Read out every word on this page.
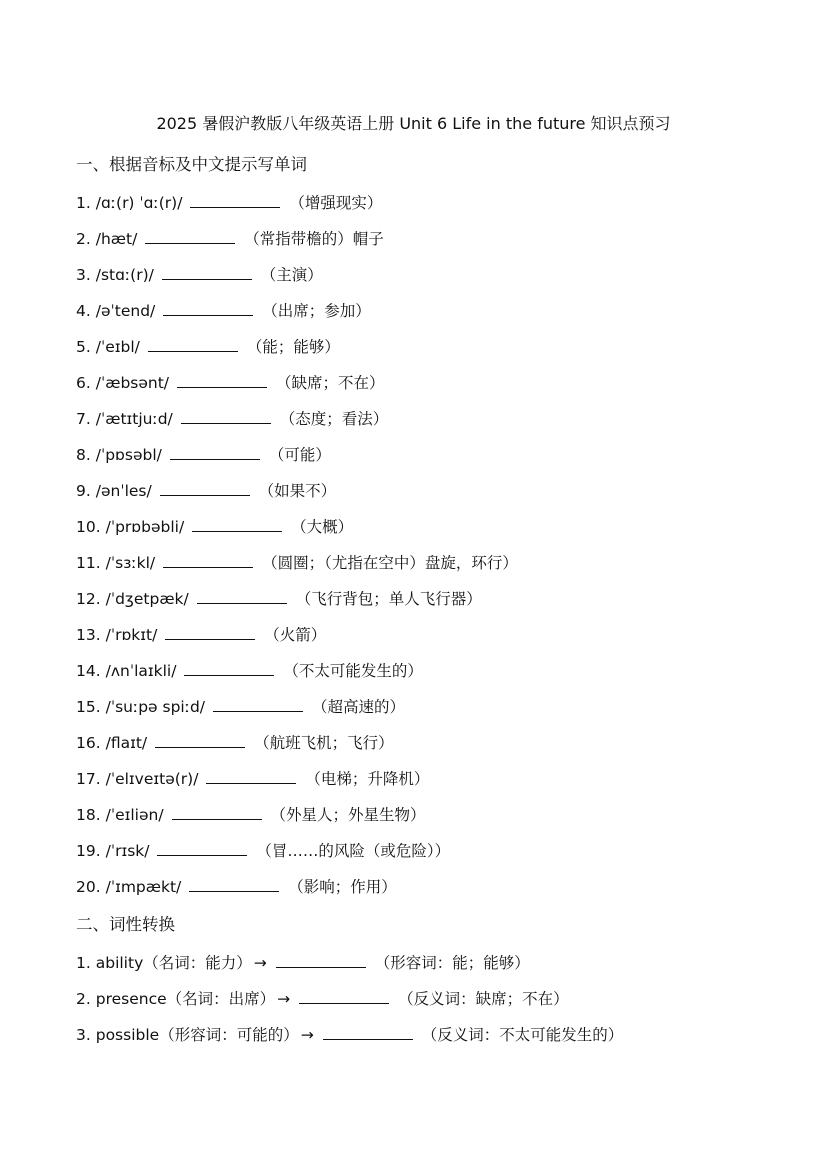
2025 暑假沪教版八年级英语上册 Unit 6 Life in the future 知识点预习
一、根据音标及中文提示写单词
1. /ɑː(r) ˈɑː(r)/	（增强现实）
2. /hæt/	（常指带檐的）帽子
3. /stɑː(r)/	（主演）
4. /əˈtend/	（出席；参加）
5. /ˈeɪbl/	（能；能够）
6. /ˈæbsənt/	（缺席；不在）
7. /ˈætɪtjuːd/	（态度；看法）
8. /ˈpɒsəbl/	（可能）
9. /ənˈles/	（如果不）
10. /ˈprɒbəbli/	（大概）
11. /ˈsɜːkl/	（圆圈；（尤指在空中）盘旋，环行）
12. /ˈdʒetpæk/	（飞行背包；单人飞行器）
13. /ˈrɒkɪt/	（火箭）
14. /ʌnˈlaɪkli/	（不太可能发生的）
15. /ˈsuːpə spiːd/	（超高速的）
16. /flaɪt/	（航班飞机；飞行）
17. /ˈelɪveɪtə(r)/	（电梯；升降机）
18. /ˈeɪliən/	（外星人；外星生物）
19. /ˈrɪsk/	（冒……的风险（或危险））
20. /ˈɪmpækt/	（影响；作用）
二、词性转换
1. ability（名词：能力） →	（形容词：能；能够）
2. presence（名词：出席） →	（反义词：缺席；不在）
3. possible（形容词：可能的） →	（反义词：不太可能发生的）
